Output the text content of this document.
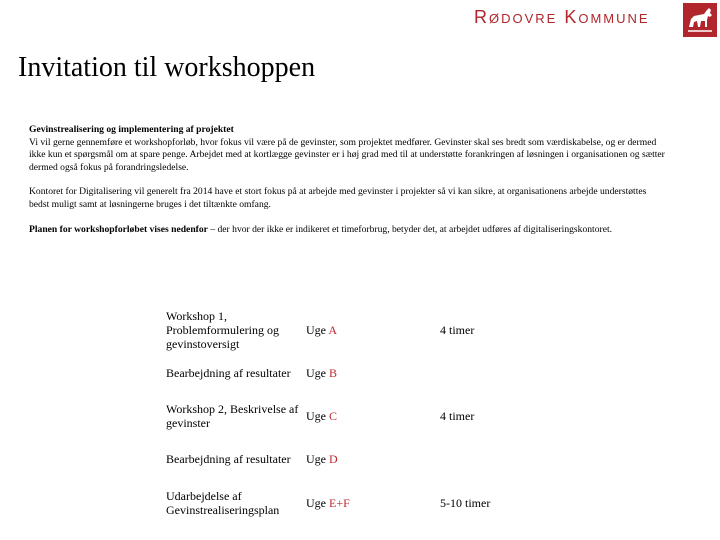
Rødovre Kommune
Invitation til workshoppen

Gevinstrealisering og implementering af projektet

Vi vil gerne gennemføre et workshopforløb, hvor fokus vil være på de gevinster, som projektet medfører. Gevinster skal ses bredt som værdiskabelse, og er dermed ikke kun et spørgsmål om at spare penge. Arbejdet med at kortlægge gevinster er i høj grad med til at understøtte forankringen af løsningen i organisationen og sætter dermed også fokus på forandringsledelse.

Kontoret for Digitalisering vil generelt fra 2014 have et stort fokus på at arbejde med gevinster i projekter så vi kan sikre, at organisationens arbejde understøttes bedst muligt samt at løsningerne bruges i det tiltænkte omfang.

Planen for workshopforløbet vises nedenfor – der hvor der ikke er indikeret et timeforbrug, betyder det, at arbejdet udføres af digitaliseringskontoret.

Workshop 1, Problemformulering og gevinstoversigt	Uge A	4 timer
Bearbejdning af resultater	Uge B	
Workshop 2, Beskrivelse af gevinster	Uge C	4 timer
Bearbejdning af resultater	Uge D	
Udarbejdelse af Gevinstrealiseringsplan	Uge E+F	5-10 timer
